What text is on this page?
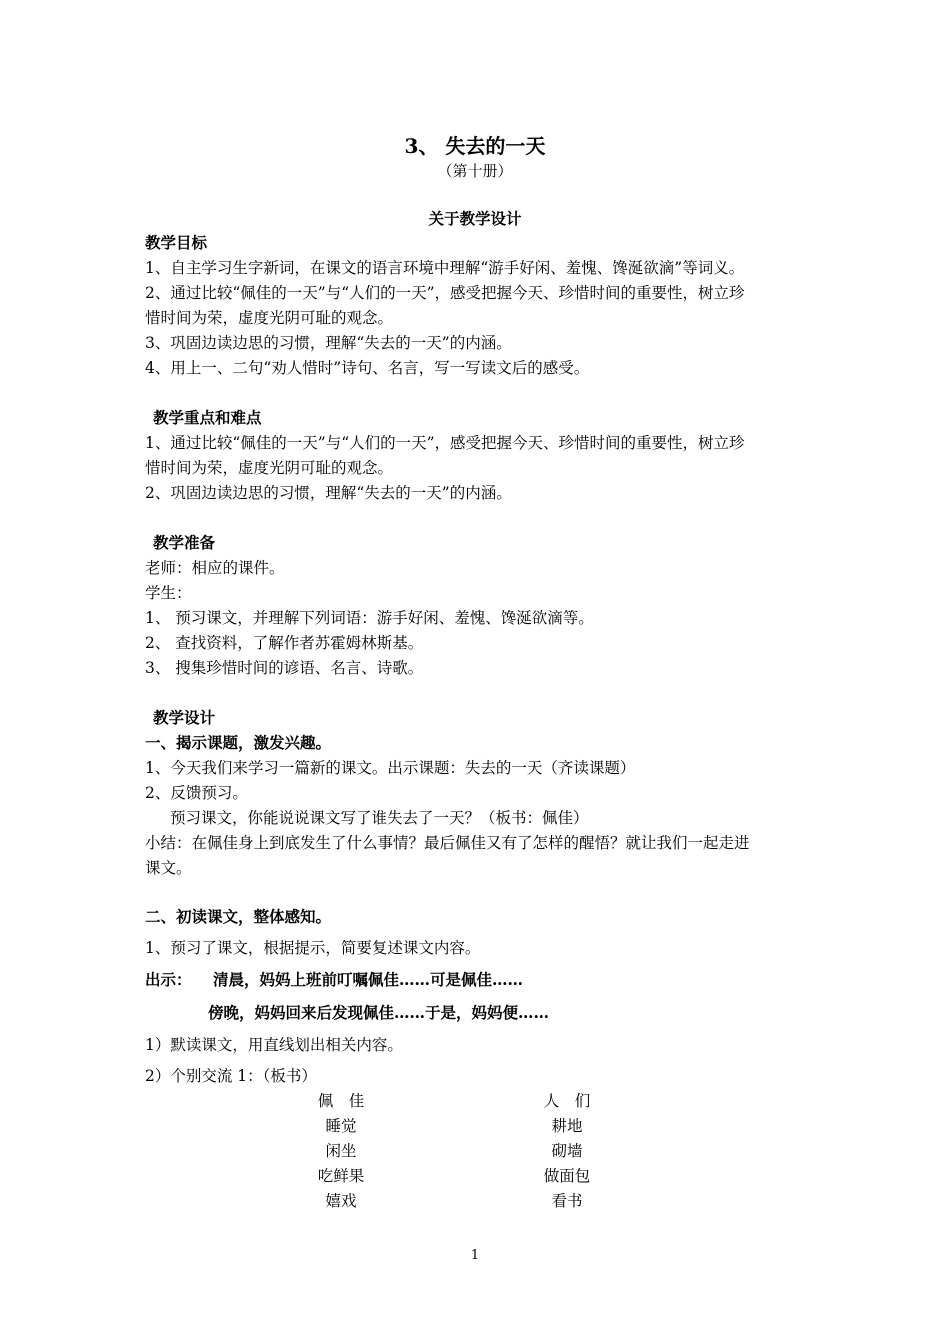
3、 失去的一天
（第十册）
关于教学设计
教学目标
1、自主学习生字新词，在课文的语言环境中理解“游手好闲、羞愧、馋涎欲滴”等词义。
2、通过比较“佩佳的一天”与“人们的一天”，感受把握今天、珍惜时间的重要性，树立珍
惜时间为荣，虚度光阴可耻的观念。
3、巩固边读边思的习惯，理解“失去的一天”的内涵。
4、用上一、二句“劝人惜时”诗句、名言，写一写读文后的感受。
教学重点和难点
1、通过比较“佩佳的一天”与“人们的一天”，感受把握今天、珍惜时间的重要性，树立珍
惜时间为荣，虚度光阴可耻的观念。
2、巩固边读边思的习惯，理解“失去的一天”的内涵。
教学准备
老师：相应的课件。
学生：
1、 预习课文，并理解下列词语：游手好闲、羞愧、馋涎欲滴等。
2、 查找资料，了解作者苏霍姆林斯基。
3、 搜集珍惜时间的谚语、名言、诗歌。
教学设计
一、揭示课题，激发兴趣。
1、今天我们来学习一篇新的课文。出示课题：失去的一天（齐读课题）
2、反馈预习。
预习课文，你能说说课文写了谁失去了一天？（板书：佩佳）
小结：在佩佳身上到底发生了什么事情？最后佩佳又有了怎样的醒悟？就让我们一起走进
课文。
二、初读课文，整体感知。
1、预习了课文，根据提示，简要复述课文内容。
出示： 清晨，妈妈上班前叮嘱佩佳……可是佩佳……
傍晚，妈妈回来后发现佩佳……于是，妈妈便……
1）默读课文，用直线划出相关内容。
2）个别交流 1：（板书）
佩　佳
睡觉
闲坐
吃鲜果
嬉戏
人　们
耕地
砌墙
做面包
看书
1
